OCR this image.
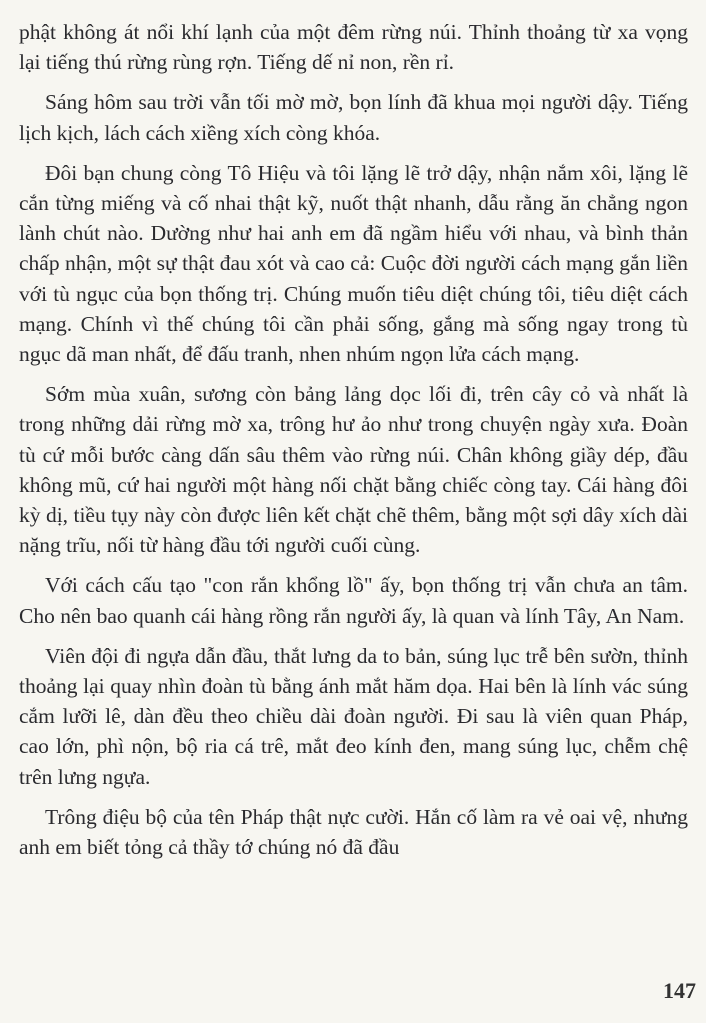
phật không át nổi khí lạnh của một đêm rừng núi. Thỉnh thoảng từ xa vọng lại tiếng thú rừng rùng rợn. Tiếng dế nỉ non, rền rỉ.

Sáng hôm sau trời vẫn tối mờ mờ, bọn lính đã khua mọi người dậy. Tiếng lịch kịch, lách cách xiềng xích còng khóa.

Đôi bạn chung còng Tô Hiệu và tôi lặng lẽ trở dậy, nhận nắm xôi, lặng lẽ cắn từng miếng và cố nhai thật kỹ, nuốt thật nhanh, dẫu rằng ăn chẳng ngon lành chút nào. Dường như hai anh em đã ngầm hiểu với nhau, và bình thản chấp nhận, một sự thật đau xót và cao cả: Cuộc đời người cách mạng gắn liền với tù ngục của bọn thống trị. Chúng muốn tiêu diệt chúng tôi, tiêu diệt cách mạng. Chính vì thế chúng tôi cần phải sống, gắng mà sống ngay trong tù ngục dã man nhất, để đấu tranh, nhen nhúm ngọn lửa cách mạng.

Sớm mùa xuân, sương còn bảng lảng dọc lối đi, trên cây cỏ và nhất là trong những dải rừng mờ xa, trông hư ảo như trong chuyện ngày xưa. Đoàn tù cứ mỗi bước càng dấn sâu thêm vào rừng núi. Chân không giầy dép, đầu không mũ, cứ hai người một hàng nối chặt bằng chiếc còng tay. Cái hàng đôi kỳ dị, tiều tụy này còn được liên kết chặt chẽ thêm, bằng một sợi dây xích dài nặng trĩu, nối từ hàng đầu tới người cuối cùng.

Với cách cấu tạo "con rắn khổng lồ" ấy, bọn thống trị vẫn chưa an tâm. Cho nên bao quanh cái hàng rồng rắn người ấy, là quan và lính Tây, An Nam.

Viên đội đi ngựa dẫn đầu, thắt lưng da to bản, súng lục trễ bên sườn, thỉnh thoảng lại quay nhìn đoàn tù bằng ánh mắt hăm dọa. Hai bên là lính vác súng cắm lưỡi lê, dàn đều theo chiều dài đoàn người. Đi sau là viên quan Pháp, cao lớn, phì nộn, bộ ria cá trê, mắt đeo kính đen, mang súng lục, chễm chệ trên lưng ngựa.

Trông điệu bộ của tên Pháp thật nực cười. Hắn cố làm ra vẻ oai vệ, nhưng anh em biết tỏng cả thầy tớ chúng nó đã đầu

147
